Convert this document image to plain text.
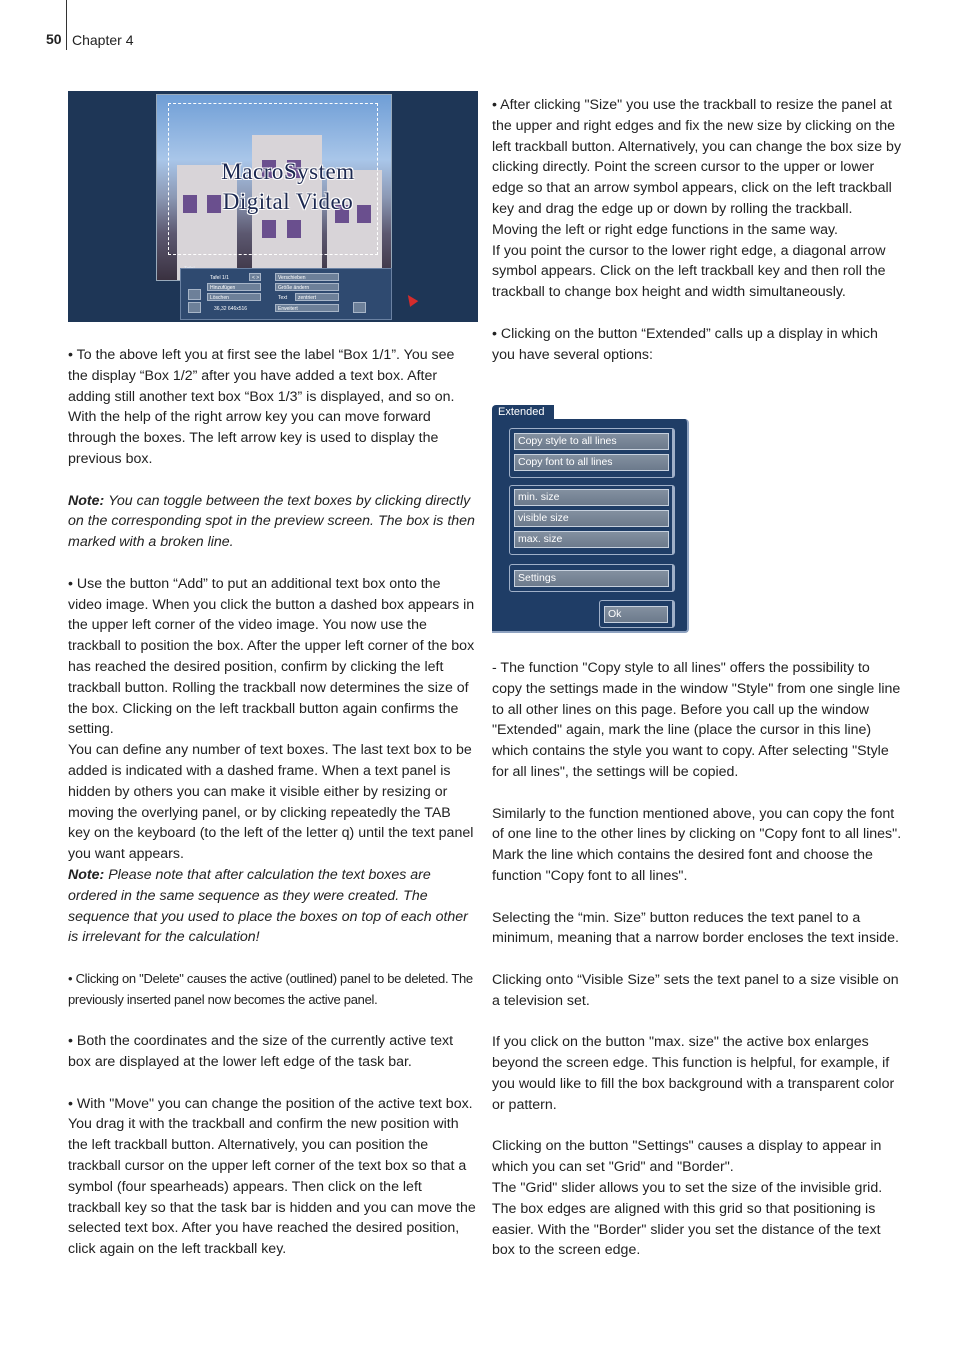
50 Chapter 4
MacroSystem
Digital Video
Tafel 1/1	< >
Hinzufügen
Löschen
36,32 646x516
Verschieben
Größe ändern
Text	zentriert
Erweitert

• To the above left you at first see the label “Box 1/1”. You see the display “Box 1/2” after you have added a text box. After adding still another text box “Box 1/3” is displayed, and so on. With the help of the right arrow key you can move forward through the boxes. The left arrow key is used to display the previous box.

Note: You can toggle between the text boxes by clicking directly on the corresponding spot in the preview screen. The box is then marked with a broken line.

• Use the button “Add” to put an additional text box onto the video image. When you click the button a dashed box appears in the upper left corner of the video image. You now use the trackball to position the box. After the upper left corner of the box has reached the desired position, confirm by clicking the left trackball button. Rolling the trackball now determines the size of the box. Clicking on the left trackball button again confirms the setting.

You can define any number of text boxes. The last text box to be added is indicated with a dashed frame. When a text panel is hidden by others you can make it visible either by resizing or moving the overlying panel, or by clicking repeatedly the TAB key on the keyboard (to the left of the letter q) until the text panel you want appears.

Note: Please note that after calculation the text boxes are ordered in the same sequence as they were created. The sequence that you used to place the boxes on top of each other is irrelevant for the calculation!

• Clicking on "Delete" causes the active (outlined) panel to be deleted. The previously inserted panel now becomes the active panel.

• Both the coordinates and the size of the currently active text box are displayed at the lower left edge of the task bar.

• With "Move" you can change the position of the active text box. You drag it with the trackball and confirm the new position with the left trackball button. Alternatively, you can position the trackball cursor on the upper left corner of the text box so that a symbol (four spearheads) appears. Then click on the left trackball key so that the task bar is hidden and you can move the selected text box. After you have reached the desired position, click again on the left trackball key.

• After clicking "Size" you use the trackball to resize the panel at the upper and right edges and fix the new size by clicking on the left trackball button. Alternatively, you can change the box size by clicking directly. Point the screen cursor to the upper or lower edge so that an arrow symbol appears, click on the left trackball key and drag the edge up or down by rolling the trackball. Moving the left or right edge functions in the same way.

If you point the cursor to the lower right edge, a diagonal arrow symbol appears. Click on the left trackball key and then roll the trackball to change box height and width simultaneously.

• Clicking on the button “Extended” calls up a display in which you have several options:

Extended
Copy style to all lines
Copy font to all lines
min. size
visible size
max. size
Settings
Ok

- The function "Copy style to all lines" offers the possibility to copy the settings made in the window "Style" from one single line to all other lines on this page. Before you call up the window "Extended" again, mark the line (place the cursor in this line) which contains the style you want to copy. After selecting "Style for all lines", the settings will be copied.

Similarly to the function mentioned above, you can copy the font of one line to the other lines by clicking on "Copy font to all lines". Mark the line which contains the desired font and choose the function "Copy font to all lines".

Selecting the “min. Size” button reduces the text panel to a minimum, meaning that a narrow border encloses the text inside.

Clicking onto “Visible Size” sets the text panel to a size visible on a television set.

If you click on the button "max. size" the active box enlarges beyond the screen edge. This function is helpful, for example, if you would like to fill the box background with a transparent color or pattern.

Clicking on the button "Settings" causes a display to appear in which you can set "Grid" and "Border".

The "Grid" slider allows you to set the size of the invisible grid. The box edges are aligned with this grid so that positioning is easier. With the "Border" slider you set the distance of the text box to the screen edge.
